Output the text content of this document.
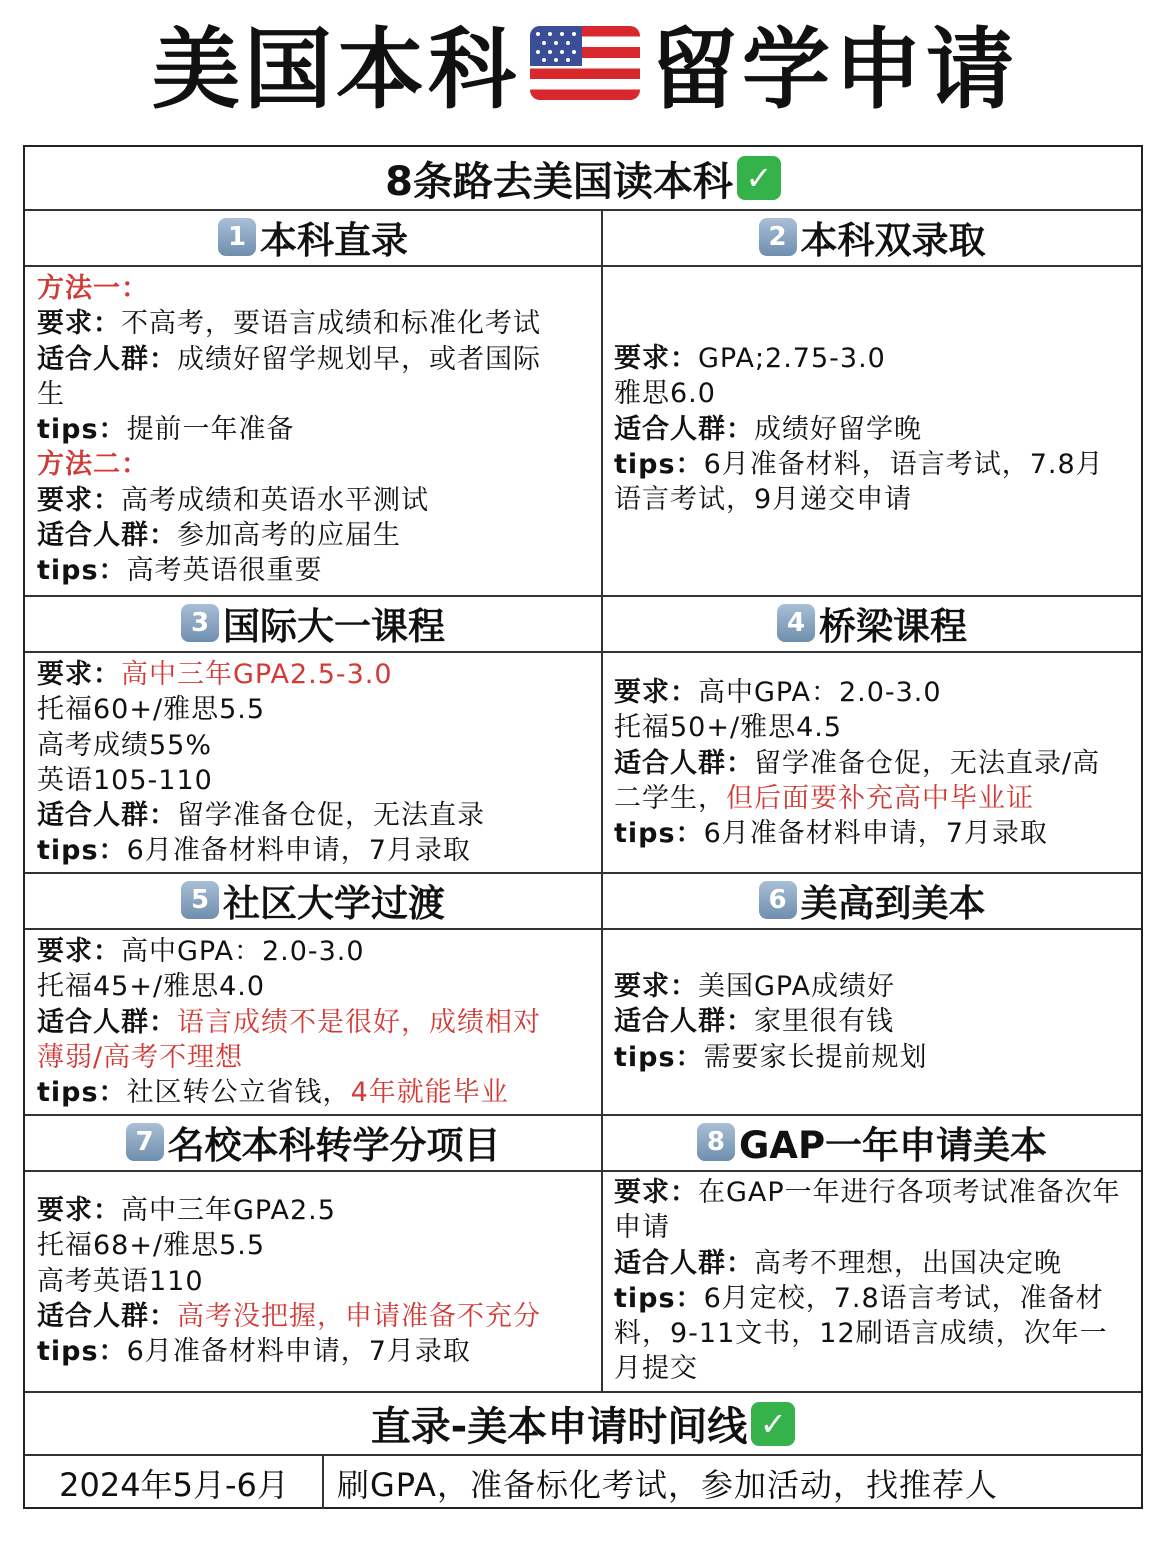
美国本科 留学申请
8条路去美国读本科 ✓
1 本科直录

方法一：

要求：不高考，要语言成绩和标准化考试

适合人群：成绩好留学规划早，或者国际

生

tips：提前一年准备

方法二：

要求：高考成绩和英语水平测试

适合人群：参加高考的应届生

tips：高考英语很重要

2 本科双录取

要求：GPA;2.75-3.0

雅思6.0

适合人群：成绩好留学晚

tips：6月准备材料，语言考试，7.8月

语言考试，9月递交申请

3 国际大一课程

要求：高中三年GPA2.5-3.0

托福60+/雅思5.5

高考成绩55%

英语105-110

适合人群：留学准备仓促，无法直录

tips：6月准备材料申请，7月录取

4 桥梁课程

要求：高中GPA：2.0-3.0

托福50+/雅思4.5

适合人群：留学准备仓促，无法直录/高

二学生，但后面要补充高中毕业证

tips：6月准备材料申请，7月录取

5 社区大学过渡

要求：高中GPA：2.0-3.0

托福45+/雅思4.0

适合人群：语言成绩不是很好，成绩相对

薄弱/高考不理想

tips：社区转公立省钱，4年就能毕业

6 美高到美本

要求：美国GPA成绩好

适合人群：家里很有钱

tips：需要家长提前规划

7 名校本科转学分项目

要求：高中三年GPA2.5

托福68+/雅思5.5

高考英语110

适合人群：高考没把握，申请准备不充分

tips：6月准备材料申请，7月录取

8 GAP一年申请美本

要求：在GAP一年进行各项考试准备次年

申请

适合人群：高考不理想，出国决定晚

tips：6月定校，7.8语言考试，准备材

料，9-11文书，12刷语言成绩，次年一

月提交

直录-美本申请时间线 ✓
2024年5月-6月	刷GPA，准备标化考试，参加活动，找推荐人
